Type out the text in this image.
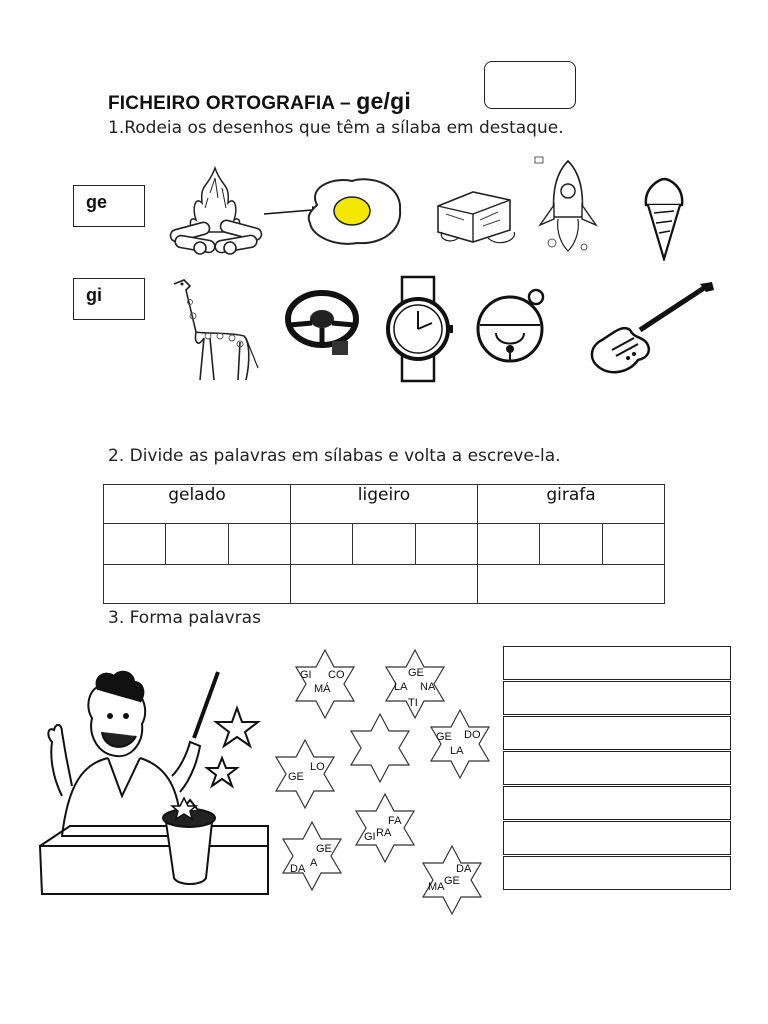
FICHEIRO ORTOGRAFIA – ge/gi
1.Rodeia os desenhos que têm a sílaba em destaque.
ge
gi
2. Divide as palavras em sílabas e volta a escreve-la.
gelado			ligeiro			girafa		

3. Forma palavras
GI CO
MÁ
GE
LA NA
TI
GE DO
LA
LO
GE
FA
RA
GI
GE
A
DA	DA
GE
MA
